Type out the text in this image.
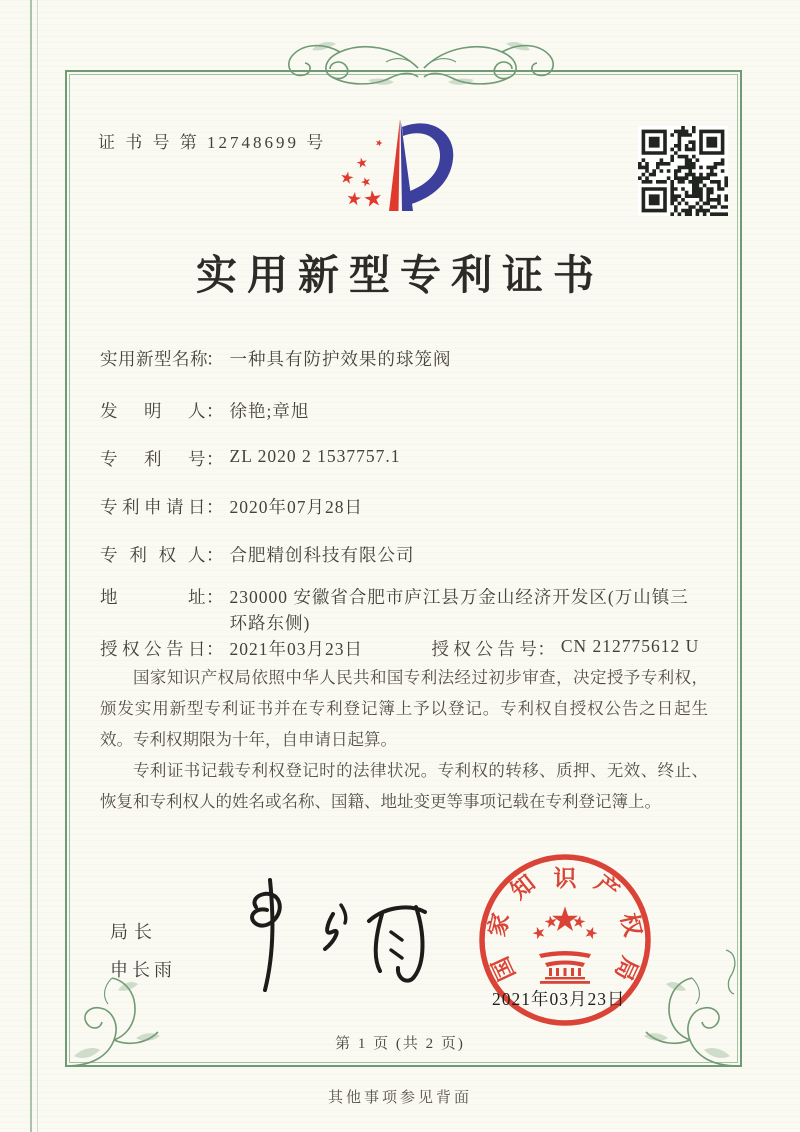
证 书 号 第 12748699 号
实用新型专利证书
实用新型名称： 一种具有防护效果的球笼阀
发明人： 徐艳;章旭
专利号： ZL 2020 2 1537757.1
专利申请日： 2020年07月28日
专利权人： 合肥精创科技有限公司
地址： 230000 安徽省合肥市庐江县万金山经济开发区(万山镇三环路东侧)
授权公告日： 2021年03月23日	授权公告号： CN 212775612 U

国家知识产权局依照中华人民共和国专利法经过初步审查，决定授予专利权，颁发实用新型专利证书并在专利登记簿上予以登记。专利权自授权公告之日起生效。专利权期限为十年，自申请日起算。

专利证书记载专利权登记时的法律状况。专利权的转移、质押、无效、终止、恢复和专利权人的姓名或名称、国籍、地址变更等事项记载在专利登记簿上。

局长
申长雨	国
家
知 识 产
权
局
2021年03月23日
第 1 页 (共 2 页)
其他事项参见背面
